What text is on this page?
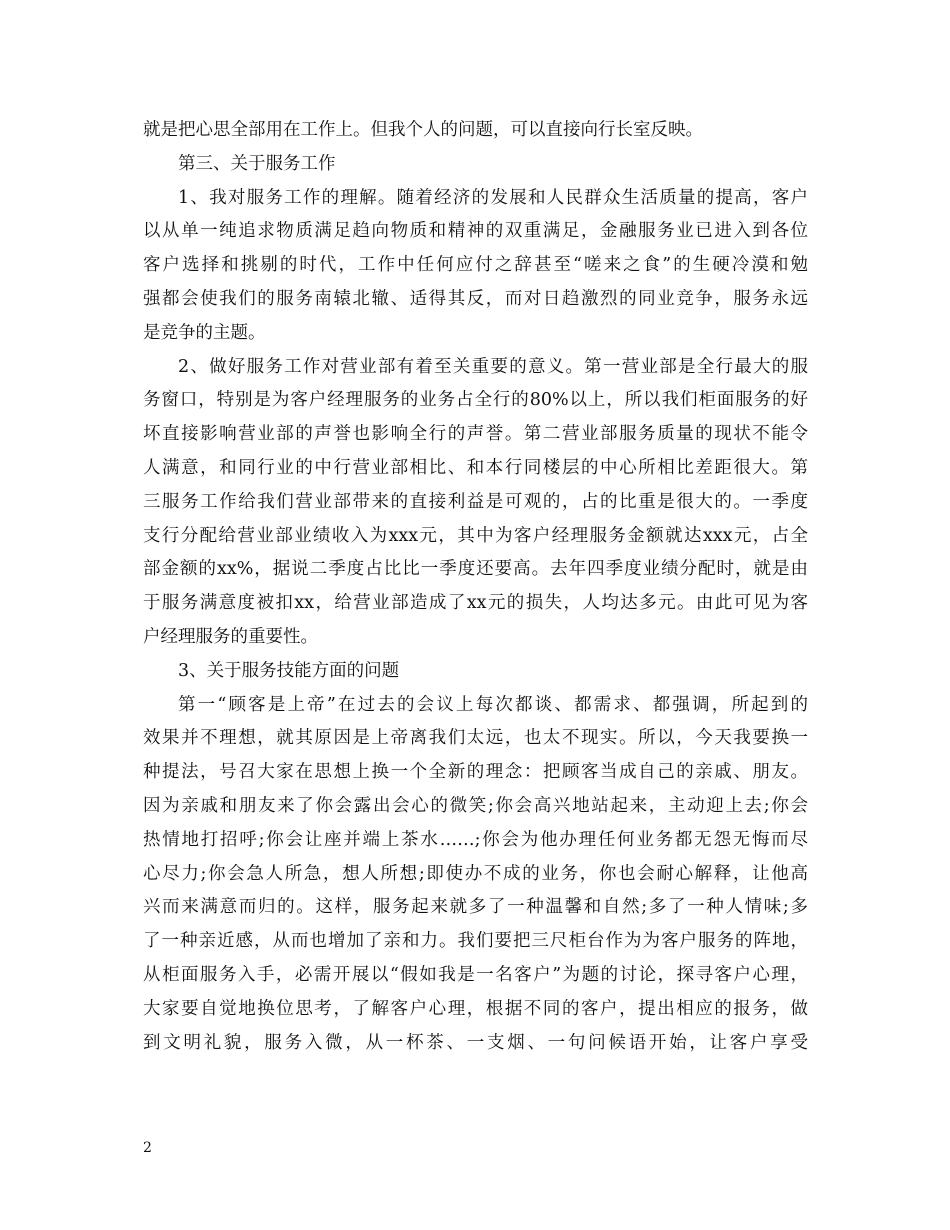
就是把心思全部用在工作上。但我个人的问题，可以直接向行长室反映。
第三、关于服务工作
1、我对服务工作的理解。随着经济的发展和人民群众生活质量的提高，客户
以从单一纯追求物质满足趋向物质和精神的双重满足，金融服务业已进入到各位
客户选择和挑剔的时代，工作中任何应付之辞甚至“嗟来之食”的生硬冷漠和勉
强都会使我们的服务南辕北辙、适得其反，而对日趋激烈的同业竞争，服务永远
是竞争的主题。
2、做好服务工作对营业部有着至关重要的意义。第一营业部是全行最大的服
务窗口，特别是为客户经理服务的业务占全行的80%以上，所以我们柜面服务的好
坏直接影响营业部的声誉也影响全行的声誉。第二营业部服务质量的现状不能令
人满意，和同行业的中行营业部相比、和本行同楼层的中心所相比差距很大。第
三服务工作给我们营业部带来的直接利益是可观的，占的比重是很大的。一季度
支行分配给营业部业绩收入为xxx元，其中为客户经理服务金额就达xxx元，占全
部金额的xx%，据说二季度占比比一季度还要高。去年四季度业绩分配时，就是由
于服务满意度被扣xx，给营业部造成了xx元的损失，人均达多元。由此可见为客
户经理服务的重要性。
3、关于服务技能方面的问题
第一“顾客是上帝”在过去的会议上每次都谈、都需求、都强调，所起到的
效果并不理想，就其原因是上帝离我们太远，也太不现实。所以，今天我要换一
种提法，号召大家在思想上换一个全新的理念：把顾客当成自己的亲戚、朋友。
因为亲戚和朋友来了你会露出会心的微笑;你会高兴地站起来，主动迎上去;你会
热情地打招呼;你会让座并端上茶水……;你会为他办理任何业务都无怨无悔而尽
心尽力;你会急人所急，想人所想;即使办不成的业务，你也会耐心解释，让他高
兴而来满意而归的。这样，服务起来就多了一种温馨和自然;多了一种人情味;多
了一种亲近感，从而也增加了亲和力。我们要把三尺柜台作为为客户服务的阵地，
从柜面服务入手，必需开展以“假如我是一名客户”为题的讨论，探寻客户心理，
大家要自觉地换位思考，了解客户心理，根据不同的客户，提出相应的报务，做
到文明礼貌，服务入微，从一杯茶、一支烟、一句问候语开始，让客户享受
2
